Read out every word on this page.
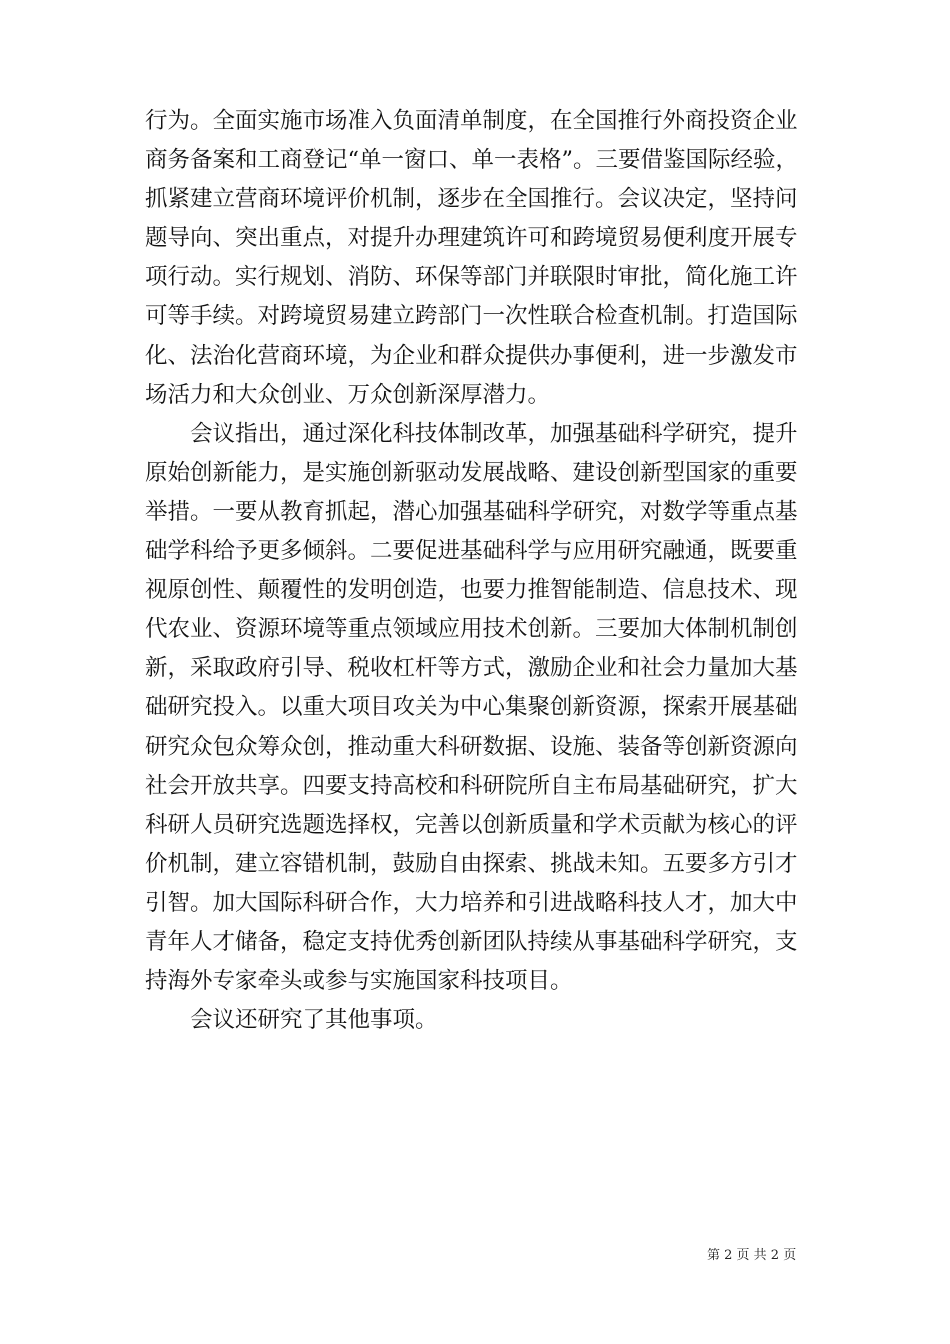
行为。全面实施市场准入负面清单制度，在全国推行外商投资企业
商务备案和工商登记“单一窗口、单一表格”。三要借鉴国际经验，
抓紧建立营商环境评价机制，逐步在全国推行。会议决定，坚持问
题导向、突出重点，对提升办理建筑许可和跨境贸易便利度开展专
项行动。实行规划、消防、环保等部门并联限时审批，简化施工许
可等手续。对跨境贸易建立跨部门一次性联合检查机制。打造国际
化、法治化营商环境，为企业和群众提供办事便利，进一步激发市
场活力和大众创业、万众创新深厚潜力。
会议指出，通过深化科技体制改革，加强基础科学研究，提升
原始创新能力，是实施创新驱动发展战略、建设创新型国家的重要
举措。一要从教育抓起，潜心加强基础科学研究，对数学等重点基
础学科给予更多倾斜。二要促进基础科学与应用研究融通，既要重
视原创性、颠覆性的发明创造，也要力推智能制造、信息技术、现
代农业、资源环境等重点领域应用技术创新。三要加大体制机制创
新，采取政府引导、税收杠杆等方式，激励企业和社会力量加大基
础研究投入。以重大项目攻关为中心集聚创新资源，探索开展基础
研究众包众筹众创，推动重大科研数据、设施、装备等创新资源向
社会开放共享。四要支持高校和科研院所自主布局基础研究，扩大
科研人员研究选题选择权，完善以创新质量和学术贡献为核心的评
价机制，建立容错机制，鼓励自由探索、挑战未知。五要多方引才
引智。加大国际科研合作，大力培养和引进战略科技人才，加大中
青年人才储备，稳定支持优秀创新团队持续从事基础科学研究，支
持海外专家牵头或参与实施国家科技项目。
会议还研究了其他事项。
第 2 页 共 2 页
